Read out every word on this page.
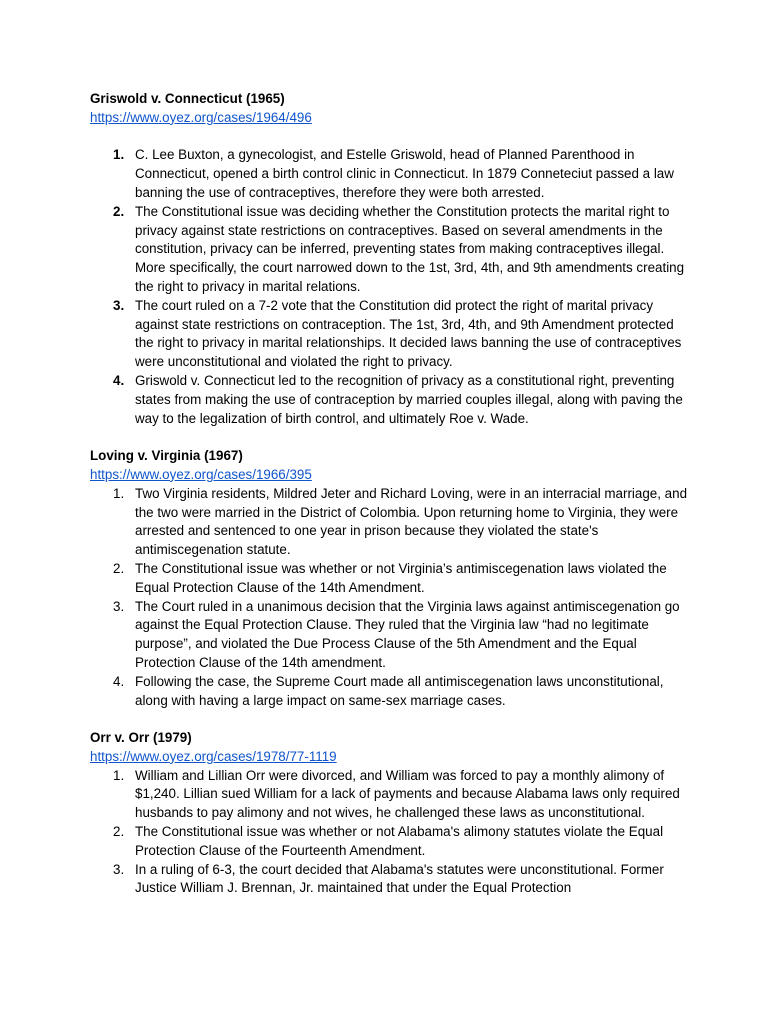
Griswold v. Connecticut (1965)

https://www.oyez.org/cases/1964/496
1. C. Lee Buxton, a gynecologist, and Estelle Griswold, head of Planned Parenthood in Connecticut, opened a birth control clinic in Connecticut. In 1879 Conneteciut passed a law banning the use of contraceptives, therefore they were both arrested.
2. The Constitutional issue was deciding whether the Constitution protects the marital right to privacy against state restrictions on contraceptives. Based on several amendments in the constitution, privacy can be inferred, preventing states from making contraceptives illegal. More specifically, the court narrowed down to the 1st, 3rd, 4th, and 9th amendments creating the right to privacy in marital relations.
3. The court ruled on a 7-2 vote that the Constitution did protect the right of marital privacy against state restrictions on contraception. The 1st, 3rd, 4th, and 9th Amendment protected the right to privacy in marital relationships. It decided laws banning the use of contraceptives were unconstitutional and violated the right to privacy.
4. Griswold v. Connecticut led to the recognition of privacy as a constitutional right, preventing states from making the use of contraception by married couples illegal, along with paving the way to the legalization of birth control, and ultimately Roe v. Wade.

Loving v. Virginia (1967)

https://www.oyez.org/cases/1966/395
1. Two Virginia residents, Mildred Jeter and Richard Loving, were in an interracial marriage, and the two were married in the District of Colombia. Upon returning home to Virginia, they were arrested and sentenced to one year in prison because they violated the state's antimiscegenation statute.
2. The Constitutional issue was whether or not Virginia’s antimiscegenation laws violated the Equal Protection Clause of the 14th Amendment.
3. The Court ruled in a unanimous decision that the Virginia laws against antimiscegenation go against the Equal Protection Clause. They ruled that the Virginia law “had no legitimate purpose”, and violated the Due Process Clause of the 5th Amendment and the Equal Protection Clause of the 14th amendment.
4. Following the case, the Supreme Court made all antimiscegenation laws unconstitutional, along with having a large impact on same-sex marriage cases.

Orr v. Orr (1979)

https://www.oyez.org/cases/1978/77-1119
1. William and Lillian Orr were divorced, and William was forced to pay a monthly alimony of $1,240. Lillian sued William for a lack of payments and because Alabama laws only required husbands to pay alimony and not wives, he challenged these laws as unconstitutional.
2. The Constitutional issue was whether or not Alabama's alimony statutes violate the Equal Protection Clause of the Fourteenth Amendment.
3. In a ruling of 6-3, the court decided that Alabama's statutes were unconstitutional. Former Justice William J. Brennan, Jr. maintained that under the Equal Protection
